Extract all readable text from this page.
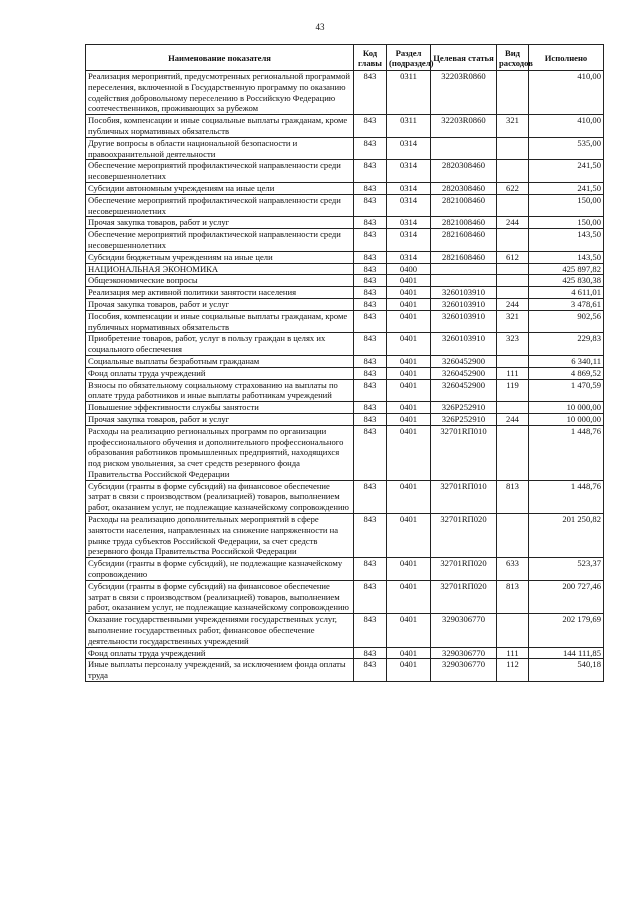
43
Наименование показателя	Код главы	Раздел (подраздел)	Целевая статья	Вид расходов	Исполнено
Реализация мероприятий, предусмотренных региональной программой переселения, включенной в Государственную программу по оказанию содействия добровольному переселению в Российскую Федерацию соотечественников, проживающих за рубежом	843	0311	32203R0860		410,00
Пособия, компенсации и иные социальные выплаты гражданам, кроме публичных нормативных обязательств	843	0311	32203R0860	321	410,00
Другие вопросы в области национальной безопасности и правоохранительной деятельности	843	0314			535,00
Обеспечение мероприятий профилактической направленности среди несовершеннолетних	843	0314	2820308460		241,50
Субсидии автономным учреждениям на иные цели	843	0314	2820308460	622	241,50
Обеспечение мероприятий профилактической направленности среди несовершеннолетних	843	0314	2821008460		150,00
Прочая закупка товаров, работ и услуг	843	0314	2821008460	244	150,00
Обеспечение мероприятий профилактической направленности среди несовершеннолетних	843	0314	2821608460		143,50
Субсидии бюджетным учреждениям на иные цели	843	0314	2821608460	612	143,50
НАЦИОНАЛЬНАЯ ЭКОНОМИКА	843	0400			425 897,82
Общеэкономические вопросы	843	0401			425 830,38
Реализация мер активной политики занятости населения	843	0401	3260103910		4 611,01
Прочая закупка товаров, работ и услуг	843	0401	3260103910	244	3 478,61
Пособия, компенсации и иные социальные выплаты гражданам, кроме публичных нормативных обязательств	843	0401	3260103910	321	902,56
Приобретение товаров, работ, услуг в пользу граждан в целях их социального обеспечения	843	0401	3260103910	323	229,83
Социальные выплаты безработным гражданам	843	0401	3260452900		6 340,11
Фонд оплаты труда учреждений	843	0401	3260452900	111	4 869,52
Взносы по обязательному социальному страхованию на выплаты по оплате труда работников и иные выплаты работникам учреждений	843	0401	3260452900	119	1 470,59
Повышение эффективности службы занятости	843	0401	326P252910		10 000,00
Прочая закупка товаров, работ и услуг	843	0401	326P252910	244	10 000,00
Расходы на реализацию региональных программ по организации профессионального обучения и дополнительного профессионального образования работников промышленных предприятий, находящихся под риском увольнения, за счет средств резервного фонда Правительства Российской Федерации	843	0401	32701RП010		1 448,76
Субсидии (гранты в форме субсидий) на финансовое обеспечение затрат в связи с производством (реализацией) товаров, выполнением работ, оказанием услуг, не подлежащие казначейскому сопровождению	843	0401	32701RП010	813	1 448,76
Расходы на реализацию дополнительных мероприятий в сфере занятости населения, направленных на снижение напряженности на рынке труда субъектов Российской Федерации, за счет средств резервного фонда Правительства Российской Федерации	843	0401	32701RП020		201 250,82
Субсидии (гранты в форме субсидий), не подлежащие казначейскому сопровождению	843	0401	32701RП020	633	523,37
Субсидии (гранты в форме субсидий) на финансовое обеспечение затрат в связи с производством (реализацией) товаров, выполнением работ, оказанием услуг, не подлежащие казначейскому сопровождению	843	0401	32701RП020	813	200 727,46
Оказание государственными учреждениями государственных услуг, выполнение государственных работ, финансовое обеспечение деятельности государственных учреждений	843	0401	3290306770		202 179,69
Фонд оплаты труда учреждений	843	0401	3290306770	111	144 111,85
Иные выплаты персоналу учреждений, за исключением фонда оплаты труда	843	0401	3290306770	112	540,18
